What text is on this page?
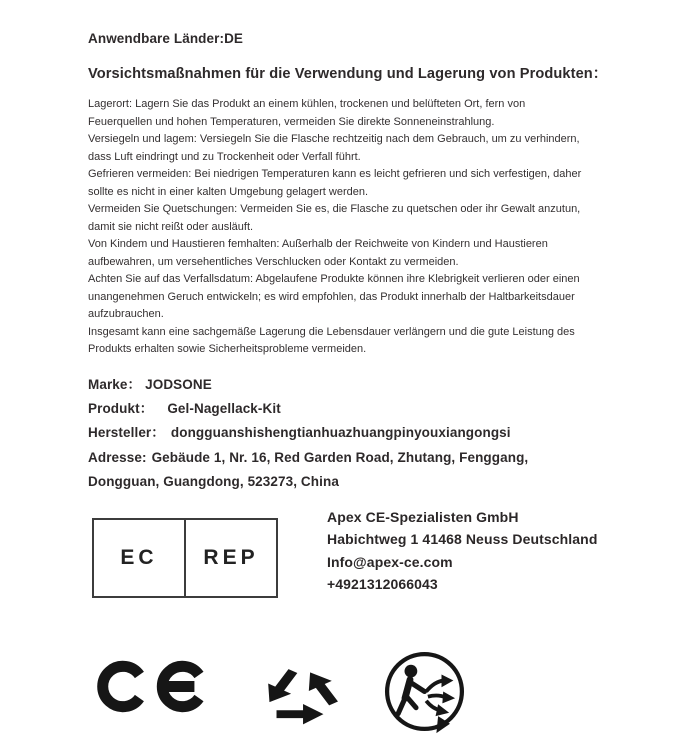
Anwendbare Länder:DE
Vorsichtsmaßnahmen für die Verwendung und Lagerung von Produkten：

Lagerort: Lagern Sie das Produkt an einem kühlen, trockenen und belüfteten Ort, fern von Feuerquellen und hohen Temperaturen, vermeiden Sie direkte Sonneneinstrahlung.

Versiegeln und lagem: Versiegeln Sie die Flasche rechtzeitig nach dem Gebrauch, um zu verhindern, dass Luft eindringt und zu Trockenheit oder Verfall führt.

Gefrieren vermeiden: Bei niedrigen Temperaturen kann es leicht gefrieren und sich verfestigen, daher sollte es nicht in einer kalten Umgebung gelagert werden.

Vermeiden Sie Quetschungen: Vermeiden Sie es, die Flasche zu quetschen oder ihr Gewalt anzutun, damit sie nicht reißt oder ausläuft.

Von Kindem und Haustieren femhalten: Außerhalb der Reichweite von Kindern und Haustieren aufbewahren, um versehentliches Verschlucken oder Kontakt zu vermeiden.

Achten Sie auf das Verfallsdatum: Abgelaufene Produkte können ihre Klebrigkeit verlieren oder einen unangenehmen Geruch entwickeln; es wird empfohlen, das Produkt innerhalb der Haltbarkeitsdauer aufzubrauchen.

Insgesamt kann eine sachgemäße Lagerung die Lebensdauer verlängern und die gute Leistung des Produkts erhalten sowie Sicherheitsprobleme vermeiden.

Marke： JODSONE
Produkt： Gel-Nagellack-Kit
Hersteller： dongguanshishengtianhuazhuangpinyouxiangongsi
Adresse: Gebäude 1, Nr. 16, Red Garden Road, Zhutang, Fenggang,
Dongguan, Guangdong, 523273, China
EC	REP
Apex CE-Spezialisten GmbH
Habichtweg 1 41468 Neuss Deutschland
Info@apex-ce.com
+4921312066043
